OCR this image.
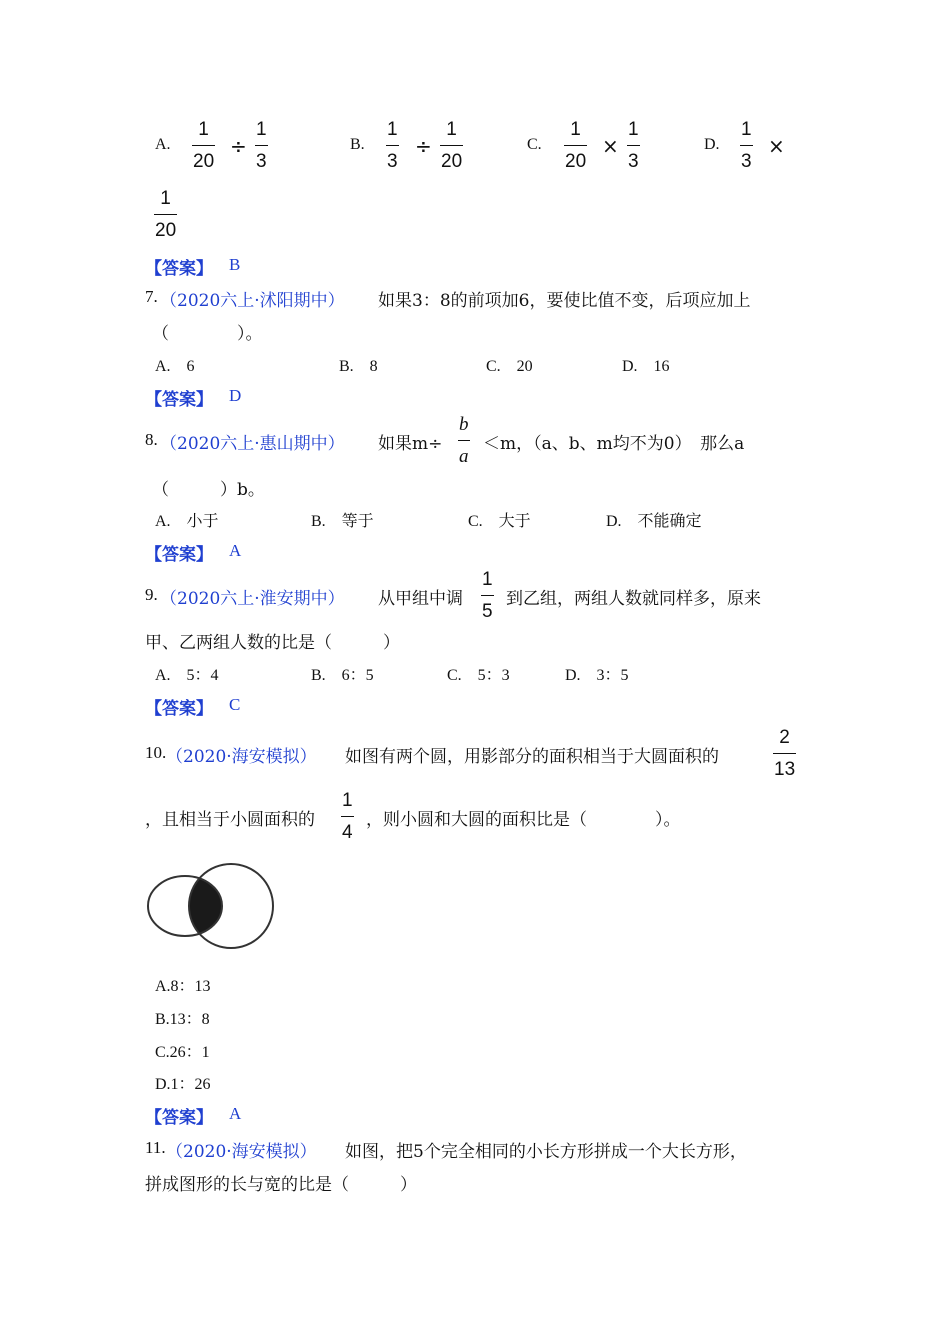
A.
1
20
÷
1
3
B.
1
3
÷
1
20
C.
1
20
×
1
3
D.
1
3
×
1
20
【答案】 B
7. （2020六上·沭阳期中） 如果3：8的前项加6，要使比值不变，后项应加上
（　　　　）。
A.　6	B.　8	C.　20	D.　16
【答案】 D
8. （2020六上·惠山期中） 如果m÷
b
a
＜m，（a、b、m均不为0）　那么a
（　　　）b。
A.　小于	B.　等于	C.　大于	D.　不能确定
【答案】 A
9. （2020六上·淮安期中） 从甲组中调
1
5
到乙组，两组人数就同样多，原来
甲、乙两组人数的比是（　　　）
A.　5：4	B.　6：5	C.　5：3	D.　3：5
【答案】 C
10. （2020·海安模拟） 如图有两个圆，用影部分的面积相当于大圆面积的
2
13
，且相当于小圆面积的
1
4
，则小圆和大圆的面积比是（　　　　）。
A.8：13
B.13：8
C.26：1
D.1：26
【答案】 A
11. （2020·海安模拟） 如图，把5个完全相同的小长方形拼成一个大长方形，
拼成图形的长与宽的比是（　　　）
